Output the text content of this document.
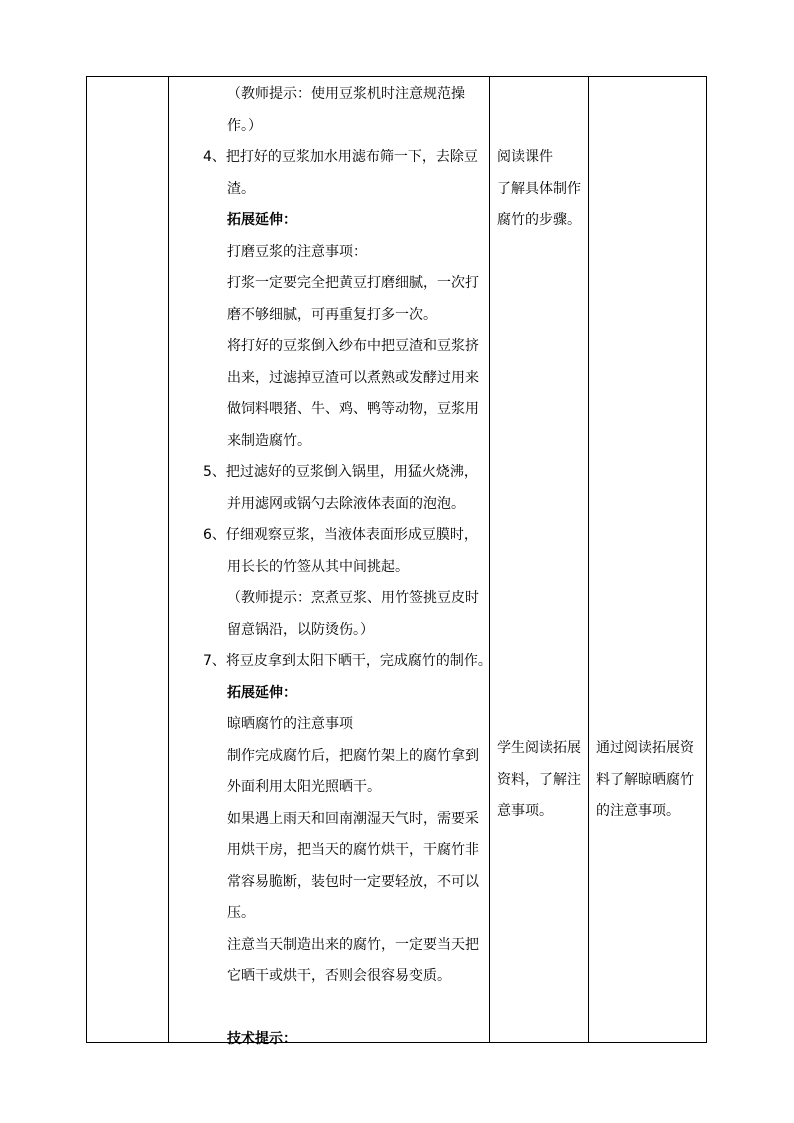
（教师提示：使用豆浆机时注意规范操
作。）
4、把打好的豆浆加水用滤布筛一下，去除豆
渣。
拓展延伸：
打磨豆浆的注意事项：
打浆一定要完全把黄豆打磨细腻，一次打
磨不够细腻，可再重复打多一次。
将打好的豆浆倒入纱布中把豆渣和豆浆挤
出来，过滤掉豆渣可以煮熟或发酵过用来
做饲料喂猪、牛、鸡、鸭等动物，豆浆用
来制造腐竹。
5、把过滤好的豆浆倒入锅里，用猛火烧沸，
并用滤网或锅勺去除液体表面的泡泡。
6、仔细观察豆浆，当液体表面形成豆膜时，
用长长的竹签从其中间挑起。
（教师提示：烹煮豆浆、用竹签挑豆皮时
留意锅沿，以防烫伤。）
7、将豆皮拿到太阳下晒干，完成腐竹的制作。
拓展延伸：
晾晒腐竹的注意事项
制作完成腐竹后，把腐竹架上的腐竹拿到
外面利用太阳光照晒干。
如果遇上雨天和回南潮湿天气时，需要采
用烘干房，把当天的腐竹烘干，干腐竹非
常容易脆断，装包时一定要轻放，不可以
压。
注意当天制造出来的腐竹，一定要当天把
它晒干或烘干，否则会很容易变质。
技术提示：
阅读课件
了解具体制作
腐竹的步骤。
学生阅读拓展
资料，了解注
意事项。
通过阅读拓展资
料了解晾晒腐竹
的注意事项。
